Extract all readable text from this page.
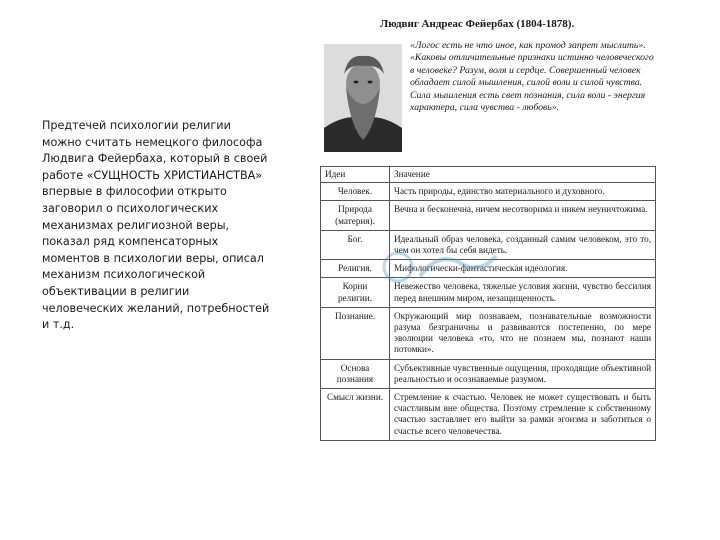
Предтечей психологии религии можно считать немецкого философа Людвига Фейербаха, который в своей работе «СУЩНОСТЬ ХРИСТИАНСТВА» впервые в философии открыто заговорил о психологических механизмах религиозной веры, показал ряд компенсаторных моментов в психологии веры, описал механизм психологической объективации в религии человеческих желаний, потребностей и т.д.

Людвиг Андреас Фейербах (1804-1878).

«Логос есть не что иное, как промод запрет мыслить».

«Каковы отличительные признаки истинно человеческого в человеке? Разум, воля и сердце. Совершенный человек обладает силой мышления, силой воли и силой чувства. Сила мышления есть свет познания, сила воли - энергия характера, сила чувства - любовь».

Идеи	Значение
Человек.	Часть природы, единство материального и духовного.
Природа (материя).	Вечна и бесконечна, ничем несотворима и никем неуничтожима.
Бог.	Идеальный образ человека, созданный самим человеком, это то, чем он хотел бы себя видеть.
Религия.	Мифологически-фантастическая идеология.
Корни религии.	Невежество человека, тяжелые условия жизни, чувство бессилия перед внешним миром, незащищенность.
Познание.	Окружающий мир познаваем, познавательные возможности разума безграничны и развиваются постепенно, по мере эволюции человека «то, что не познаем мы, познают наши потомки».
Основа познания	Субъективные чувственные ощущения, проходящие объективной реальностью и осознаваемые разумом.
Смысл жизни.	Стремление к счастью. Человек не может существовать и быть счастливым вне общества. Поэтому стремление к собственному счастью заставляет его выйти за рамки эгоизма и заботиться о счастье всего человечества.
